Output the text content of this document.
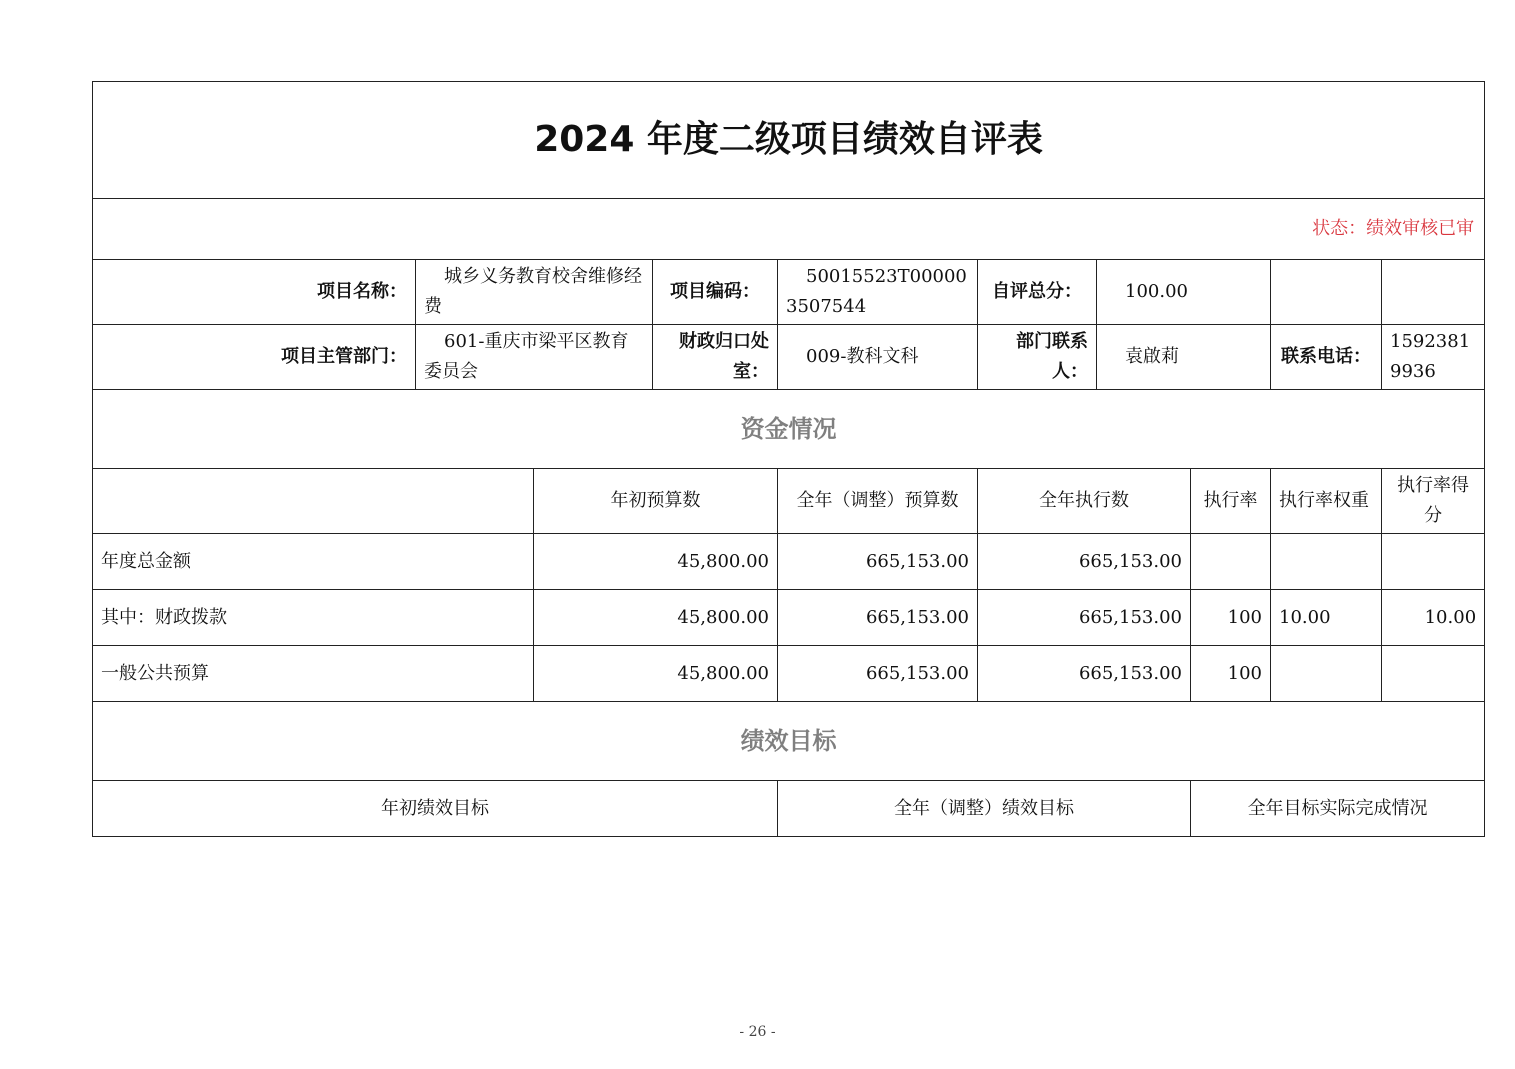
2024 年度二级项目绩效自评表									
状态：绩效审核已审									
项目名称：	城乡义务教育校舍维修经费		项目编码：	50015523T000003507544	自评总分：	100.00			
项目主管部门：	601-重庆市梁平区教育委员会		财政归口处室：	009-教科文科	部门联系人：	袁啟莉		联系电话：	15923819936
资金情况									
		年初预算数		全年（调整）预算数	全年执行数		执行率	执行率权重	执行率得分
年度总金额		45,800.00		665,153.00	665,153.00				
其中：财政拨款		45,800.00		665,153.00	665,153.00		100	10.00	10.00
一般公共预算		45,800.00		665,153.00	665,153.00		100		
绩效目标									
年初绩效目标				全年（调整）绩效目标			全年目标实际完成情况		
- 26 -
